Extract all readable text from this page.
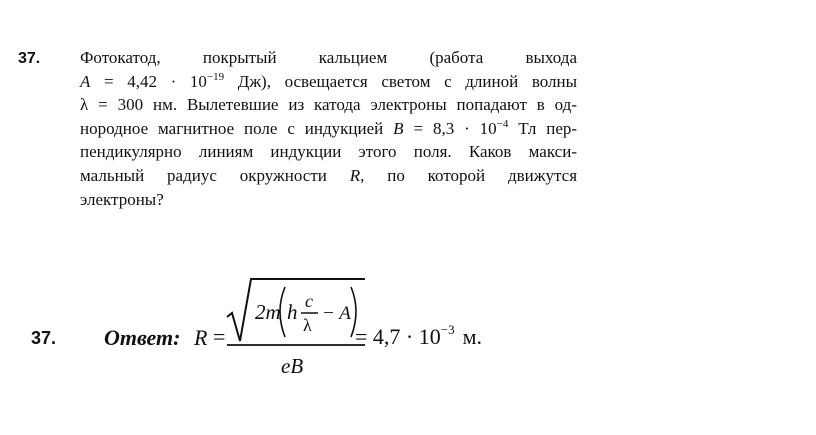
37. Фотокатод, покрытый кальцием (работа выхода
$A = 4,42 \cdot 10^{-19}$ Дж), освещается светом с длиной волны
λ = 300 нм. Вылетевшие из катода электроны попадают в од-
нородное магнитное поле с индукцией $B = 8,3 \cdot 10^{-4}$ Тл пер-
пендикулярно линиям индукции этого поля. Каков макси-
мальный радиус окружности R, по которой движутся
электроны?
37. Ответ: R =
2m h c
λ
− A
eB
= $4,7 \cdot 10^{-3}$ м.
